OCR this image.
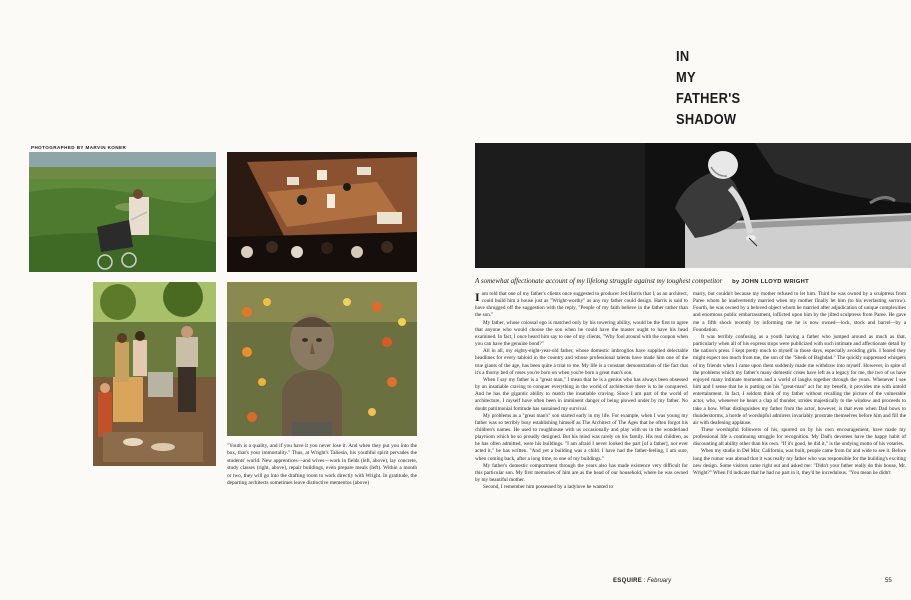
PHOTOGRAPHED BY MARVIN KONER

"Youth is a quality, and if you have it you never lose it. And when they put you into the box, that's your immortality." Thus, at Wright's Taliesin, his youthful spirit pervades the students' world. New apprentices—and wives—work in fields (left, above), lay concrete, study classes (right, above), repair buildings, even prepare meals (left). Within a month or two, they will go into the drafting room to work directly with Wright. In gratitude, the departing architects sometimes leave distinctive mementos (above)

IN
MY
FATHER'S
SHADOW
A somewhat affectionate account of my lifelong struggle against my toughest competitor by JOHN LLOYD WRIGHT

Iam told that one of my father's clients once suggested to producer Jed Harris that I, as an architect, could build him a house just as "Wright-worthy" as any my father could design. Harris is said to have shrugged off the suggestion with the reply, "People of my faith believe in the father rather than the son."

My father, whose colossal ego is matched only by his towering ability, would be the first to agree that anyone who would choose the son when he could have the master ought to have his head examined. In fact, I once heard him say to one of my clients, "Why fool around with the coupon when you can have the genuine bond?"

All in all, my eighty-eight-year-old father, whose domestic imbroglios have supplied delectable headlines for every tabloid in the country and whose professional talents have made him one of the true giants of the age, has been quite a trial to me. My life is a constant demonstration of the fact that it's a thorny bed of roses you're born on when you're born a great man's son.

When I say my father is a "great man," I mean that he is a genius who has always been obsessed by an insatiable craving to conquer everything in the world of architecture there is to be conquered. And he has the gigantic ability to match the insatiable craving. Since I am part of the world of architecture, I myself have often been in imminent danger of being plowed under by my father. No doubt patrimonial fortitude has sustained my survival.

My problems as a "great man's" son started early in my life. For example, when I was young my father was so terribly busy establishing himself as The Architect of The Ages that he often forgot his children's names. He used to roughhouse with us occasionally and play with us in the wonderland playroom which he so proudly designed. But his mind was rarely on his family. His real children, as he has often admitted, were his buildings. "I am afraid I never looked the part [of a father], nor ever acted it," he has written. "And yet a building was a child. I have had the father-feeling, I am sure, when coming back, after a long time, to one of my buildings."

My father's domestic comportment through the years also has made existence very difficult for this particular son. My first memories of him are as the head of our household, where he was owned by my beautiful mother.

Second, I remember him possessed by a ladylove he wanted to

marry, but couldn't because my mother refused to let him. Third he was owned by a sculptress from Paree whom he inadvertently married when my mother finally let him (to his everlasting sorrow). Fourth, he was owned by a beloved object whom he married after adjudication of unique complexities and enormous public embarrassment, inflicted upon him by the jilted sculptress from Paree. He gave me a fifth shock recently by informing me he is now owned—lock, stock and barrel—by a Foundation.

It was terribly confusing as a youth having a father who jumped around as much as that, particularly when all of his express stops were publicized with such intimate and affectionate detail by the nation's press. I kept pretty much to myself in those days, especially avoiding girls. I feared they might expect too much from me, the son of the "Sheik of Baghdad." The quickly suppressed whispers of my friends when I came upon them suddenly made me withdraw into myself. However, in spite of the problems which my father's many domestic crises have left as a legacy for me, the two of us have enjoyed many intimate moments and a world of laughs together through the years. Whenever I see him and I sense that he is putting on his "great-man" act for my benefit, it provides me with untold entertainment. In fact, I seldom think of my father without recalling the picture of the vulnerable actor, who, whenever he hears a clap of thunder, strides majestically to the window and proceeds to take a bow. What distinguishes my father from the actor, however, is that even when Dad bows to thunderstorms, a horde of worshipful admirers invariably prostrate themselves before him and fill the air with deafening applause.

These worshipful followers of his, spurred on by his own encouragement, have made my professional life a continuing struggle for recognition. My Dad's devotees have the happy habit of discounting all ability other than his own. "If it's good, he did it," is the undying motto of his votaries.

When my studio in Del Mar, California, was built, people came from far and wide to see it. Before long the rumor was abroad that it was really my father who was responsible for the building's exciting new design. Some visitors came right out and asked me: "Didn't your father really do this house, Mr. Wright?" When I'd indicate that he had no part in it, they'd be incredulous. "You mean he didn't

ESQUIRE : February	55
